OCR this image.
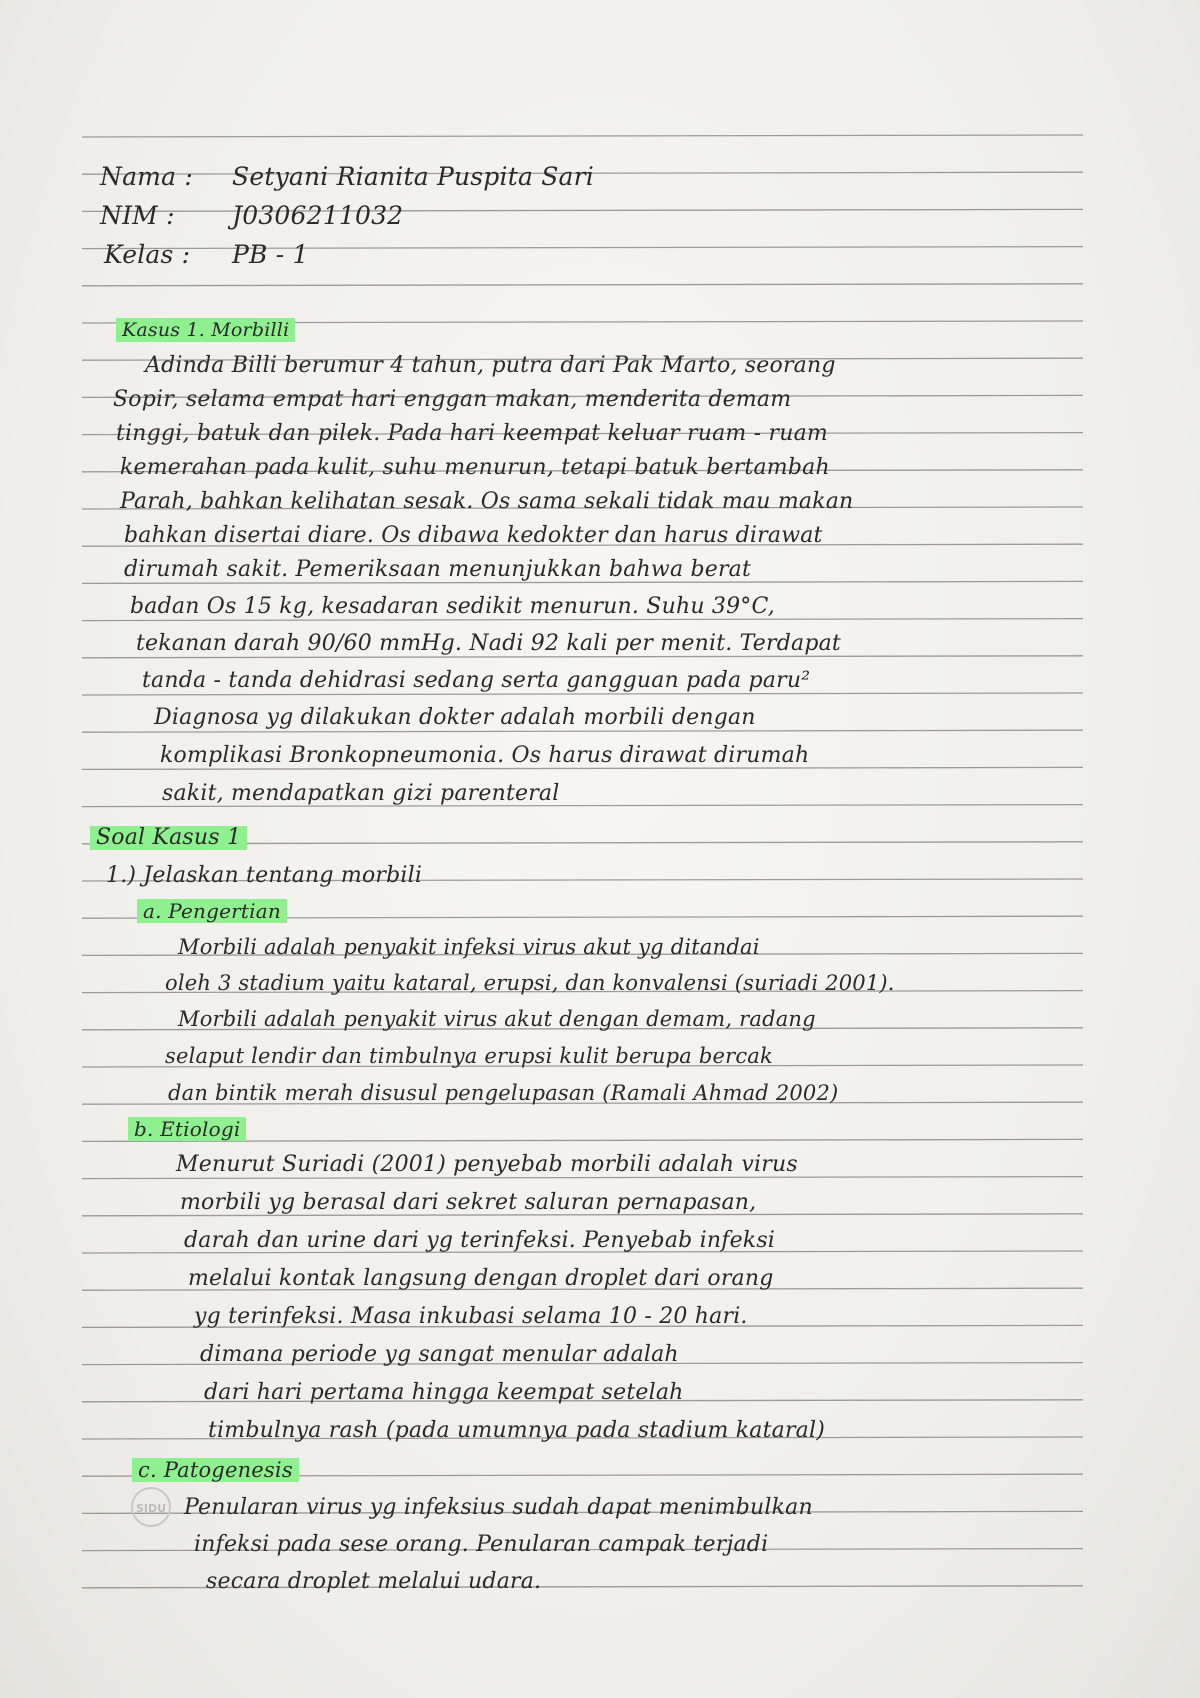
Nama : Setyani Rianita Puspita Sari
NIM : J0306211032
Kelas : PB - 1
Kasus 1. Morbilli
Adinda Billi berumur 4 tahun, putra dari Pak Marto, seorang
Sopir, selama empat hari enggan makan, menderita demam
tinggi, batuk dan pilek. Pada hari keempat keluar ruam - ruam
kemerahan pada kulit, suhu menurun, tetapi batuk bertambah
Parah, bahkan kelihatan sesak. Os sama sekali tidak mau makan
bahkan disertai diare. Os dibawa kedokter dan harus dirawat
dirumah sakit. Pemeriksaan menunjukkan bahwa berat
badan Os 15 kg, kesadaran sedikit menurun. Suhu 39°C,
tekanan darah 90/60 mmHg. Nadi 92 kali per menit. Terdapat
tanda - tanda dehidrasi sedang serta gangguan pada paru²
Diagnosa yg dilakukan dokter adalah morbili dengan
komplikasi Bronkopneumonia. Os harus dirawat dirumah
sakit, mendapatkan gizi parenteral
Soal Kasus 1
1.) Jelaskan tentang morbili
a. Pengertian
Morbili adalah penyakit infeksi virus akut yg ditandai
oleh 3 stadium yaitu kataral, erupsi, dan konvalensi (suriadi 2001).
Morbili adalah penyakit virus akut dengan demam, radang
selaput lendir dan timbulnya erupsi kulit berupa bercak
dan bintik merah disusul pengelupasan (Ramali Ahmad 2002)
b. Etiologi
Menurut Suriadi (2001) penyebab morbili adalah virus
morbili yg berasal dari sekret saluran pernapasan,
darah dan urine dari yg terinfeksi. Penyebab infeksi
melalui kontak langsung dengan droplet dari orang
yg terinfeksi. Masa inkubasi selama 10 - 20 hari.
dimana periode yg sangat menular adalah
dari hari pertama hingga keempat setelah
timbulnya rash (pada umumnya pada stadium kataral)
c. Patogenesis
Penularan virus yg infeksius sudah dapat menimbulkan
infeksi pada sese orang. Penularan campak terjadi
secara droplet melalui udara.
SIDU
